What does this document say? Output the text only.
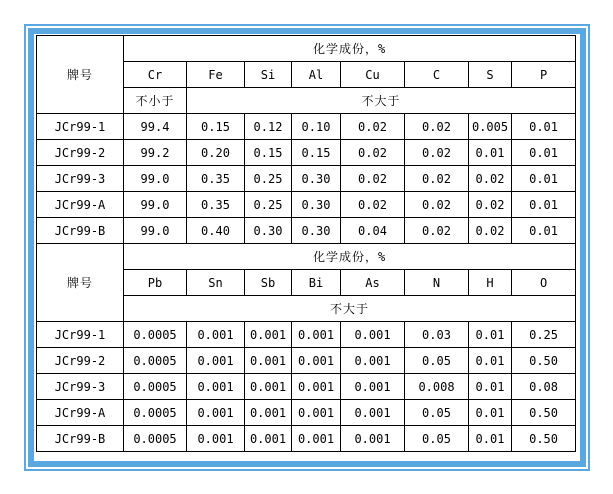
牌号	化学成份，%							
	Cr	Fe	Si	Al	Cu	C	S	P
	不小于	不大于						
JCr99-1	99.4	0.15	0.12	0.10	0.02	0.02	0.005	0.01
JCr99-2	99.2	0.20	0.15	0.15	0.02	0.02	0.01	0.01
JCr99-3	99.0	0.35	0.25	0.30	0.02	0.02	0.02	0.01
JCr99-A	99.0	0.35	0.25	0.30	0.02	0.02	0.02	0.01
JCr99-B	99.0	0.40	0.30	0.30	0.04	0.02	0.02	0.01
牌号	化学成份，%							
	Pb	Sn	Sb	Bi	As	N	H	O
	不大于							
JCr99-1	0.0005	0.001	0.001	0.001	0.001	0.03	0.01	0.25
JCr99-2	0.0005	0.001	0.001	0.001	0.001	0.05	0.01	0.50
JCr99-3	0.0005	0.001	0.001	0.001	0.001	0.008	0.01	0.08
JCr99-A	0.0005	0.001	0.001	0.001	0.001	0.05	0.01	0.50
JCr99-B	0.0005	0.001	0.001	0.001	0.001	0.05	0.01	0.50
